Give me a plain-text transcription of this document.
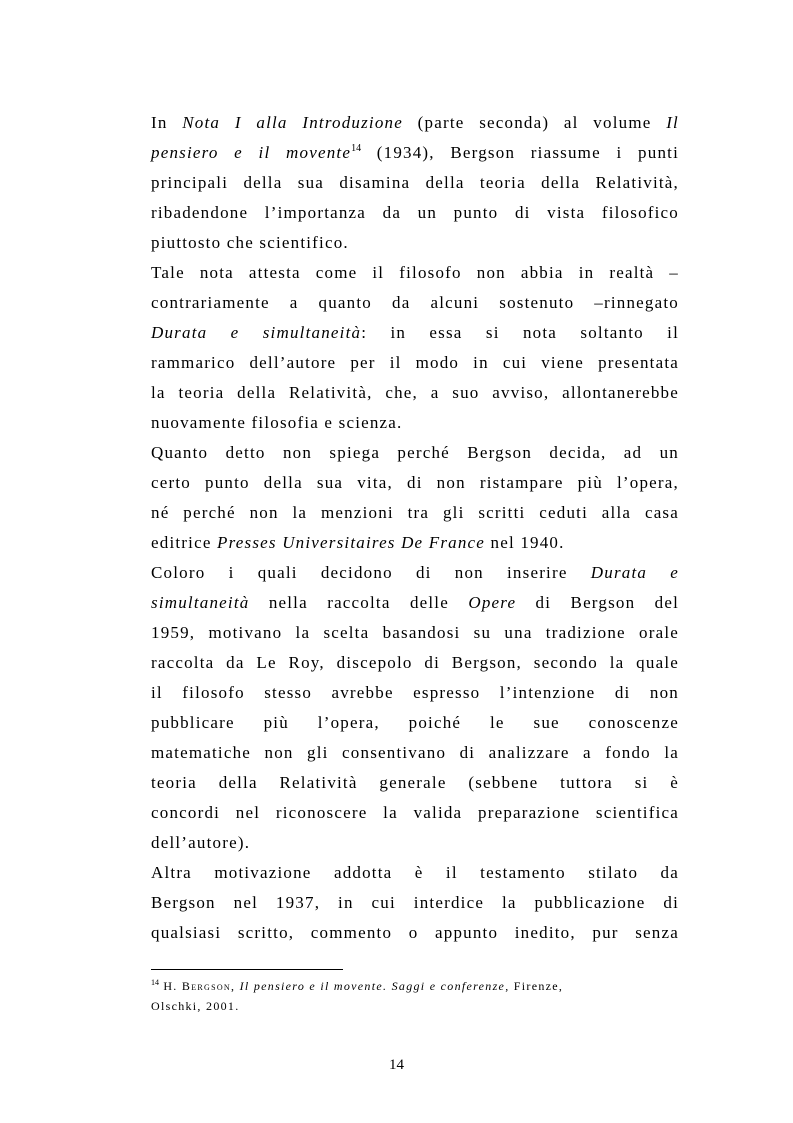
In Nota I alla Introduzione (parte seconda) al volume Il
pensiero e il movente$^{14}$ (1934), Bergson riassume i punti
principali della sua disamina della teoria della Relatività,
ribadendone l’importanza da un punto di vista filosofico
piuttosto che scientifico.

Tale nota attesta come il filosofo non abbia in realtà –
contrariamente a quanto da alcuni sostenuto –rinnegato
Durata e simultaneità: in essa si nota soltanto il
rammarico dell’autore per il modo in cui viene presentata
la teoria della Relatività, che, a suo avviso, allontanerebbe
nuovamente filosofia e scienza.

Quanto detto non spiega perché Bergson decida, ad un
certo punto della sua vita, di non ristampare più l’opera,
né perché non la menzioni tra gli scritti ceduti alla casa
editrice Presses Universitaires De France nel 1940.

Coloro i quali decidono di non inserire Durata e
simultaneità nella raccolta delle Opere di Bergson del
1959, motivano la scelta basandosi su una tradizione orale
raccolta da Le Roy, discepolo di Bergson, secondo la quale
il filosofo stesso avrebbe espresso l’intenzione di non
pubblicare più l’opera, poiché le sue conoscenze
matematiche non gli consentivano di analizzare a fondo la
teoria della Relatività generale (sebbene tuttora si è
concordi nel riconoscere la valida preparazione scientifica
dell’autore).

Altra motivazione addotta è il testamento stilato da
Bergson nel 1937, in cui interdice la pubblicazione di
qualsiasi scritto, commento o appunto inedito, pur senza

$^{14}$ H. Bergson, Il pensiero e il movente. Saggi e conferenze, Firenze,
Olschki, 2001.
14
